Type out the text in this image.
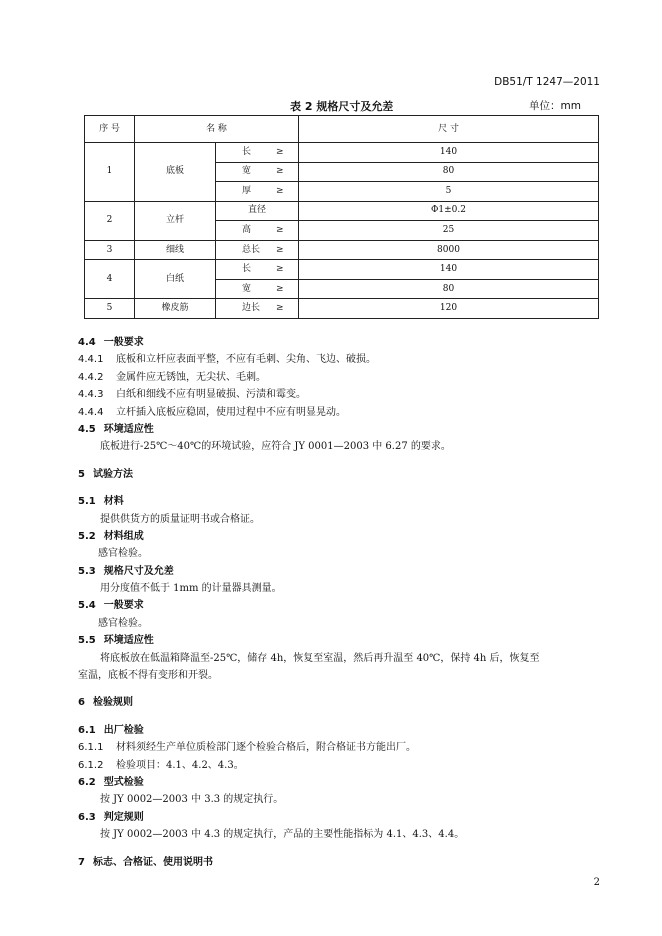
DB51/T 1247—2011
表 2 规格尺寸及允差	单位：mm
序 号	名 称		尺 寸
1	底板	长 ≥	140
		宽 ≥	80
		厚 ≥	5
2	立杆	直径	Φ1±0.2
		高 ≥	25
3	细线	总长 ≥	8000
4	白纸	长 ≥	140
		宽 ≥	80
5	橡皮筋	边长 ≥	120
4.4 一般要求
4.4.1 底板和立杆应表面平整，不应有毛刺、尖角、飞边、破损。
4.4.2 金属件应无锈蚀，无尖状、毛刺。
4.4.3 白纸和细线不应有明显破损、污渍和霉变。
4.4.4 立杆插入底板应稳固，使用过程中不应有明显晃动。
4.5 环境适应性
底板进行-25℃～40℃的环境试验，应符合 JY 0001—2003 中 6.27 的要求。
5 试验方法
5.1 材料
提供供货方的质量证明书或合格证。
5.2 材料组成
感官检验。
5.3 规格尺寸及允差
用分度值不低于 1mm 的计量器具测量。
5.4 一般要求
感官检验。
5.5 环境适应性
将底板放在低温箱降温至-25℃，储存 4h，恢复至室温，然后再升温至 40℃，保持 4h 后，恢复至
室温，底板不得有变形和开裂。
6 检验规则
6.1 出厂检验
6.1.1 材料须经生产单位质检部门逐个检验合格后，附合格证书方能出厂。
6.1.2 检验项目：4.1、4.2、4.3。
6.2 型式检验
按 JY 0002—2003 中 3.3 的规定执行。
6.3 判定规则
按 JY 0002—2003 中 4.3 的规定执行，产品的主要性能指标为 4.1、4.3、4.4。
7 标志、合格证、使用说明书
2
